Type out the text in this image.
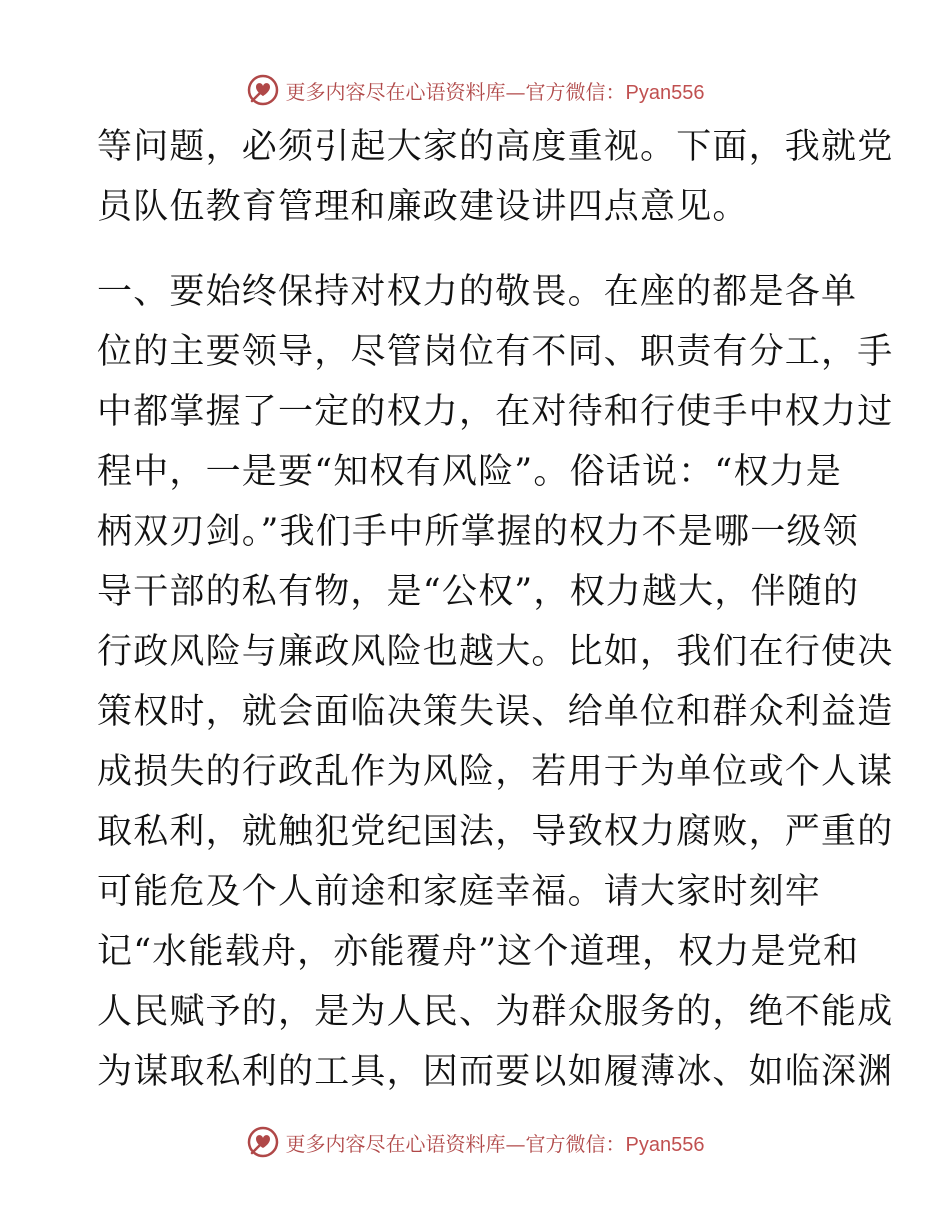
更多内容尽在心语资料库—官方微信：Pyan556
等问题，必须引起大家的高度重视。下面，我就党
员队伍教育管理和廉政建设讲四点意见。
一、要始终保持对权力的敬畏。在座的都是各单
位的主要领导，尽管岗位有不同、职责有分工，手
中都掌握了一定的权力，在对待和行使手中权力过
程中，一是要“知权有风险”。俗话说：“权力是
柄双刃剑。”我们手中所掌握的权力不是哪一级领
导干部的私有物，是“公权”，权力越大，伴随的
行政风险与廉政风险也越大。比如，我们在行使决
策权时，就会面临决策失误、给单位和群众利益造
成损失的行政乱作为风险，若用于为单位或个人谋
取私利，就触犯党纪国法，导致权力腐败，严重的
可能危及个人前途和家庭幸福。请大家时刻牢
记“水能载舟，亦能覆舟”这个道理，权力是党和
人民赋予的，是为人民、为群众服务的，绝不能成
为谋取私利的工具，因而要以如履薄冰、如临深渊
更多内容尽在心语资料库—官方微信：Pyan556
